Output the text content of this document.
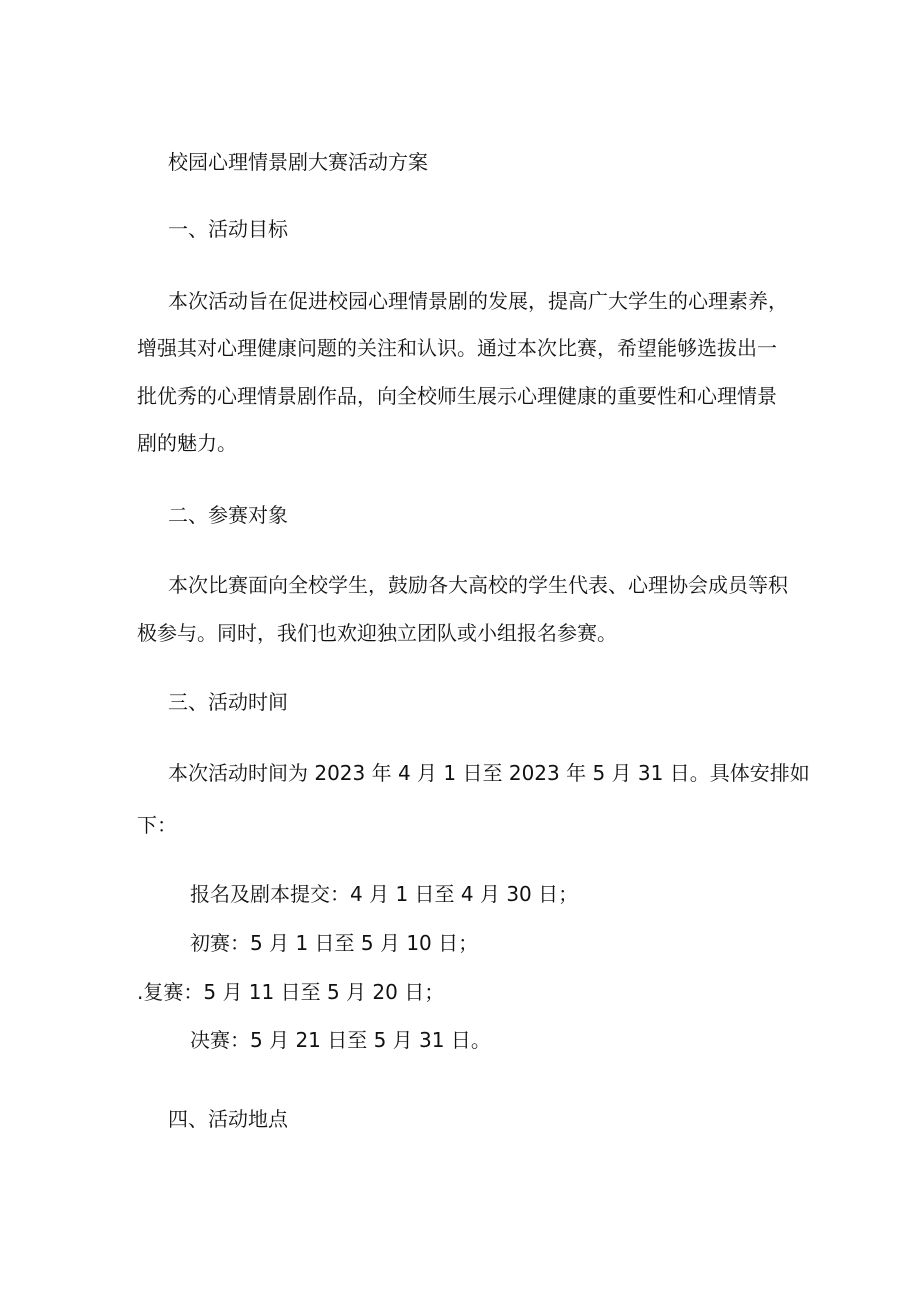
校园心理情景剧大赛活动方案
一、活动目标
本次活动旨在促进校园心理情景剧的发展，提高广大学生的心理素养，
增强其对心理健康问题的关注和认识。通过本次比赛，希望能够选拔出一
批优秀的心理情景剧作品，向全校师生展示心理健康的重要性和心理情景
剧的魅力。
二、参赛对象
本次比赛面向全校学生，鼓励各大高校的学生代表、心理协会成员等积
极参与。同时，我们也欢迎独立团队或小组报名参赛。
三、活动时间
本次活动时间为 2023 年 4 月 1 日至 2023 年 5 月 31 日。具体安排如
下：
报名及剧本提交：4 月 1 日至 4 月 30 日；
初赛：5 月 1 日至 5 月 10 日；
.复赛：5 月 11 日至 5 月 20 日；
决赛：5 月 21 日至 5 月 31 日。
四、活动地点
